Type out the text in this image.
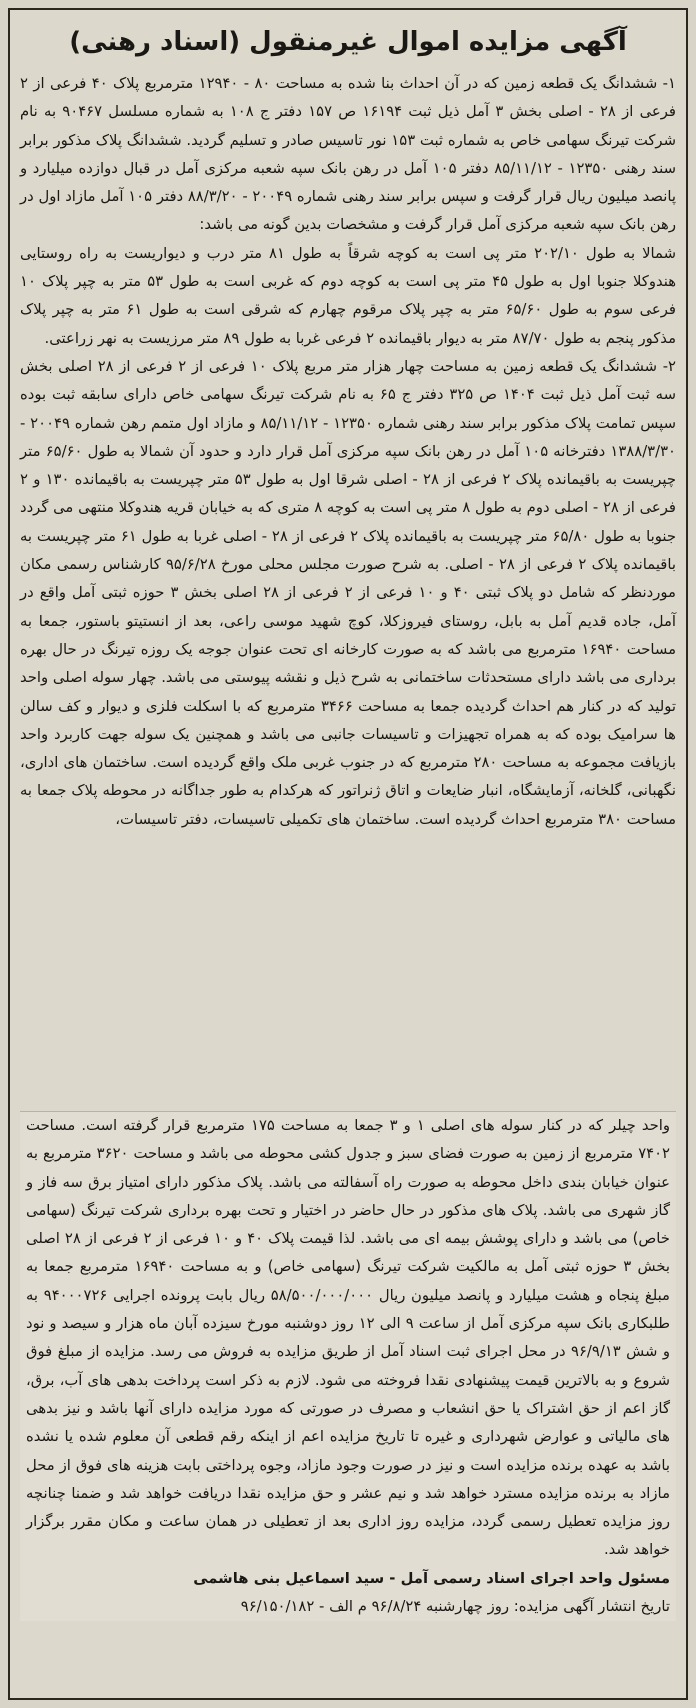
آگهی مزایده اموال غیرمنقول (اسناد رهنی)

۱- ششدانگ یک قطعه زمین که در آن احداث بنا شده به مساحت ۸۰ - ۱۲۹۴۰ مترمربع پلاک ۴۰ فرعی از ۲ فرعی از ۲۸ - اصلی بخش ۳ آمل ذیل ثبت ۱۶۱۹۴ ص ۱۵۷ دفتر ج ۱۰۸ به شماره مسلسل ۹۰۴۶۷ به نام شرکت تیرنگ سهامی خاص به شماره ثبت ۱۵۳ نور تاسیس صادر و تسلیم گردید. ششدانگ پلاک مذکور برابر سند رهنی ۱۲۳۵۰ - ۸۵/۱۱/۱۲ دفتر ۱۰۵ آمل در رهن بانک سپه شعبه مرکزی آمل در قبال دوازده میلیارد و پانصد میلیون ریال قرار گرفت و سپس برابر سند رهنی شماره ۲۰۰۴۹ - ۸۸/۳/۲۰ دفتر ۱۰۵ آمل مازاد اول در رهن بانک سپه شعبه مرکزی آمل قرار گرفت و مشخصات بدین گونه می باشد:

شمالا به طول ۲۰۲/۱۰ متر پی است به کوچه شرقاً به طول ۸۱ متر درب و دیواریست به راه روستایی هندوکلا جنوبا اول به طول ۴۵ متر پی است به کوچه دوم که غربی است به طول ۵۳ متر به چپر پلاک ۱۰ فرعی سوم به طول ۶۵/۶۰ متر به چپر پلاک مرقوم چهارم که شرقی است به طول ۶۱ متر به چپر پلاک مذکور پنجم به طول ۸۷/۷۰ متر به دیوار باقیمانده ۲ فرعی غربا به طول ۸۹ متر مرزیست به نهر زراعتی.

۲- ششدانگ یک قطعه زمین به مساحت چهار هزار متر مربع پلاک ۱۰ فرعی از ۲ فرعی از ۲۸ اصلی بخش سه ثبت آمل ذیل ثبت ۱۴۰۴ ص ۳۲۵ دفتر ج ۶۵ به نام شرکت تیرنگ سهامی خاص دارای سابقه ثبت بوده سپس تمامت پلاک مذکور برابر سند رهنی شماره ۱۲۳۵۰ - ۸۵/۱۱/۱۲ و مازاد اول متمم رهن شماره ۲۰۰۴۹ - ۱۳۸۸/۳/۳۰ دفترخانه ۱۰۵ آمل در رهن بانک سپه مرکزی آمل قرار دارد و حدود آن شمالا به طول ۶۵/۶۰ متر چپریست به باقیمانده پلاک ۲ فرعی از ۲۸ - اصلی شرقا اول به طول ۵۳ متر چپریست به باقیمانده ۱۳۰ و ۲ فرعی از ۲۸ - اصلی دوم به طول ۸ متر پی است به کوچه ۸ متری که به خیابان قریه هندوکلا منتهی می گردد جنوبا به طول ۶۵/۸۰ متر چپریست به باقیمانده پلاک ۲ فرعی از ۲۸ - اصلی غربا به طول ۶۱ متر چپریست به باقیمانده پلاک ۲ فرعی از ۲۸ - اصلی. به شرح صورت مجلس محلی مورخ ۹۵/۶/۲۸ کارشناس رسمی مکان موردنظر که شامل دو پلاک ثبتی ۴۰ و ۱۰ فرعی از ۲ فرعی از ۲۸ اصلی بخش ۳ حوزه ثبتی آمل واقع در آمل، جاده قدیم آمل به بابل، روستای فیروزکلا، کوچ شهید موسی راعی، بعد از انستیتو باستور، جمعا به مساحت ۱۶۹۴۰ مترمربع می باشد که به صورت کارخانه ای تحت عنوان جوجه یک روزه تیرنگ در حال بهره برداری می باشد دارای مستحدثات ساختمانی به شرح ذیل و نقشه پیوستی می باشد. چهار سوله اصلی واحد تولید که در کنار هم احداث گردیده جمعا به مساحت ۳۴۶۶ مترمربع که با اسکلت فلزی و دیوار و کف سالن ها سرامیک بوده که به همراه تجهیزات و تاسیسات جانبی می باشد و همچنین یک سوله جهت کاربرد واحد بازیافت مجموعه به مساحت ۲۸۰ مترمربع که در جنوب غربی ملک واقع گردیده است. ساختمان های اداری، نگهبانی، گلخانه، آزمایشگاه، انبار ضایعات و اتاق ژنراتور که هرکدام به طور جداگانه در محوطه پلاک جمعا به مساحت ۳۸۰ مترمربع احداث گردیده است. ساختمان های تکمیلی تاسیسات، دفتر تاسیسات،

واحد چیلر که در کنار سوله های اصلی ۱ و ۳ جمعا به مساحت ۱۷۵ مترمربع قرار گرفته است. مساحت ۷۴۰۲ مترمربع از زمین به صورت فضای سبز و جدول کشی محوطه می باشد و مساحت ۳۶۲۰ مترمربع به عنوان خیابان بندی داخل محوطه به صورت راه آسفالته می باشد. پلاک مذکور دارای امتیاز برق سه فاز و گاز شهری می باشد. پلاک های مذکور در حال حاضر در اختیار و تحت بهره برداری شرکت تیرنگ (سهامی خاص) می باشد و دارای پوشش بیمه ای می باشد. لذا قیمت پلاک ۴۰ و ۱۰ فرعی از ۲ فرعی از ۲۸ اصلی بخش ۳ حوزه ثبتی آمل به مالکیت شرکت تیرنگ (سهامی خاص) و به مساحت ۱۶۹۴۰ مترمربع جمعا به مبلغ پنجاه و هشت میلیارد و پانصد میلیون ریال ۵۸/۵۰۰/۰۰۰/۰۰۰ ریال بابت پرونده اجرایی ۹۴۰۰۰۷۲۶ به طلبکاری بانک سپه مرکزی آمل از ساعت ۹ الی ۱۲ روز دوشنبه مورخ سیزده آبان ماه هزار و سیصد و نود و شش ۹۶/۹/۱۳ در محل اجرای ثبت اسناد آمل از طریق مزایده به فروش می رسد. مزایده از مبلغ فوق شروع و به بالاترین قیمت پیشنهادی نقدا فروخته می شود. لازم به ذکر است پرداخت بدهی های آب، برق، گاز اعم از حق اشتراک یا حق انشعاب و مصرف در صورتی که مورد مزایده دارای آنها باشد و نیز بدهی های مالیاتی و عوارض شهرداری و غیره تا تاریخ مزایده اعم از اینکه رقم قطعی آن معلوم شده یا نشده باشد به عهده برنده مزایده است و نیز در صورت وجود مازاد، وجوه پرداختی بابت هزینه های فوق از محل مازاد به برنده مزایده مسترد خواهد شد و نیم عشر و حق مزایده نقدا دریافت خواهد شد و ضمنا چنانچه روز مزایده تعطیل رسمی گردد، مزایده روز اداری بعد از تعطیلی در همان ساعت و مکان مقرر برگزار خواهد شد.

مسئول واحد اجرای اسناد رسمی آمل - سید اسماعیل بنی هاشمی

تاریخ انتشار آگهی مزایده: روز چهارشنبه ۹۶/۸/۲۴ م الف - ۹۶/۱۵۰/۱۸۲
